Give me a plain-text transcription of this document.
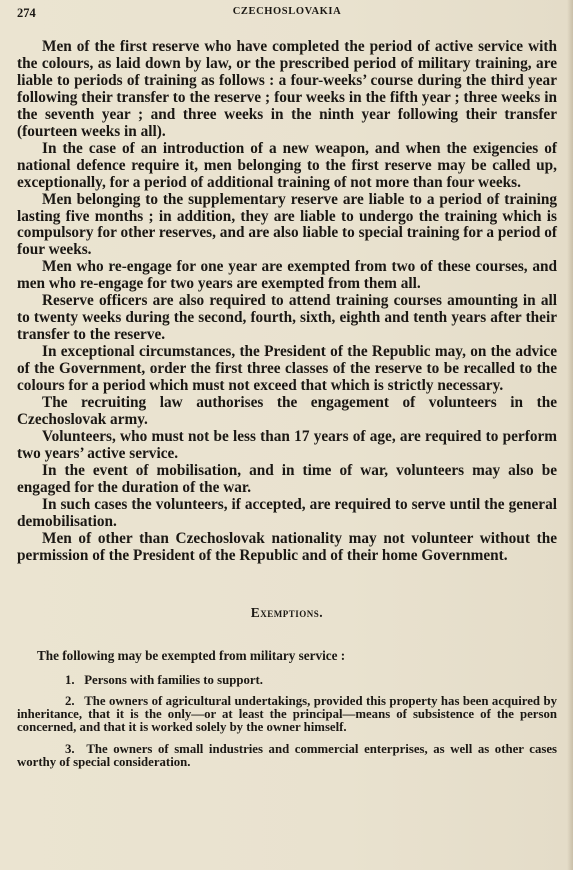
274	CZECHOSLOVAKIA

Men of the first reserve who have completed the period of active service with the colours, as laid down by law, or the prescribed period of military training, are liable to periods of training as follows : a four-weeks’ course during the third year following their transfer to the reserve ; four weeks in the fifth year ; three weeks in the seventh year ; and three weeks in the ninth year following their transfer (fourteen weeks in all).

In the case of an introduction of a new weapon, and when the exigencies of national defence require it, men belonging to the first reserve may be called up, exceptionally, for a period of additional training of not more than four weeks.

Men belonging to the supplementary reserve are liable to a period of training lasting five months ; in addition, they are liable to undergo the training which is compulsory for other reserves, and are also liable to special training for a period of four weeks.

Men who re-engage for one year are exempted from two of these courses, and men who re-engage for two years are exempted from them all.

Reserve officers are also required to attend training courses amounting in all to twenty weeks during the second, fourth, sixth, eighth and tenth years after their transfer to the reserve.

In exceptional circumstances, the President of the Republic may, on the advice of the Government, order the first three classes of the reserve to be recalled to the colours for a period which must not exceed that which is strictly necessary.

The recruiting law authorises the engagement of volunteers in the Czechoslovak army.

Volunteers, who must not be less than 17 years of age, are required to perform two years’ active service.

In the event of mobilisation, and in time of war, volunteers may also be engaged for the duration of the war.

In such cases the volunteers, if accepted, are required to serve until the general demobilisation.

Men of other than Czechoslovak nationality may not volunteer without the permission of the President of the Republic and of their home Government.

Exemptions.

The following may be exempted from military service :

1. Persons with families to support.

2. The owners of agricultural undertakings, provided this property has been acquired by inheritance, that it is the only—or at least the principal—means of subsistence of the person concerned, and that it is worked solely by the owner himself.

3. The owners of small industries and commercial enterprises, as well as other cases worthy of special consideration.
